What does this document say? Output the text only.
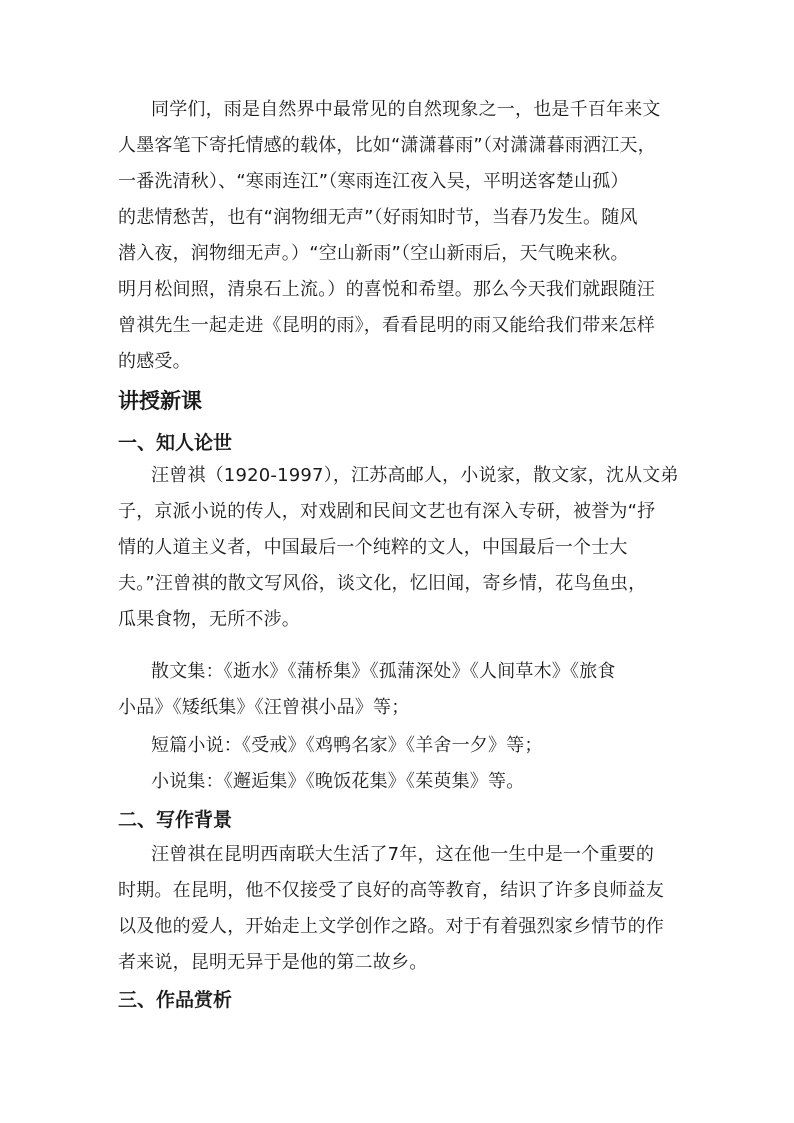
同学们，雨是自然界中最常见的自然现象之一，也是千百年来文
人墨客笔下寄托情感的载体，比如“潇潇暮雨”（对潇潇暮雨洒江天，
一番洗清秋）、“寒雨连江”（寒雨连江夜入吴，平明送客楚山孤）
的悲情愁苦，也有“润物细无声”（好雨知时节，当春乃发生。随风
潜入夜，润物细无声。）“空山新雨”（空山新雨后，天气晚来秋。
明月松间照，清泉石上流。）的喜悦和希望。那么今天我们就跟随汪
曾祺先生一起走进《昆明的雨》，看看昆明的雨又能给我们带来怎样
的感受。
讲授新课
一、知人论世
汪曾祺（1920-1997），江苏高邮人，小说家，散文家，沈从文弟
子，京派小说的传人，对戏剧和民间文艺也有深入专研，被誉为“抒
情的人道主义者，中国最后一个纯粹的文人，中国最后一个士大
夫。”汪曾祺的散文写风俗，谈文化，忆旧闻，寄乡情，花鸟鱼虫，
瓜果食物，无所不涉。
散文集：《逝水》《蒲桥集》《孤蒲深处》《人间草木》《旅食
小品》《矮纸集》《汪曾祺小品》等；
短篇小说：《受戒》《鸡鸭名家》《羊舍一夕》等；
小说集：《邂逅集》《晚饭花集》《茱萸集》等。
二、写作背景
汪曾祺在昆明西南联大生活了7年，这在他一生中是一个重要的
时期。在昆明，他不仅接受了良好的高等教育，结识了许多良师益友
以及他的爱人，开始走上文学创作之路。对于有着强烈家乡情节的作
者来说，昆明无异于是他的第二故乡。
三、作品赏析
